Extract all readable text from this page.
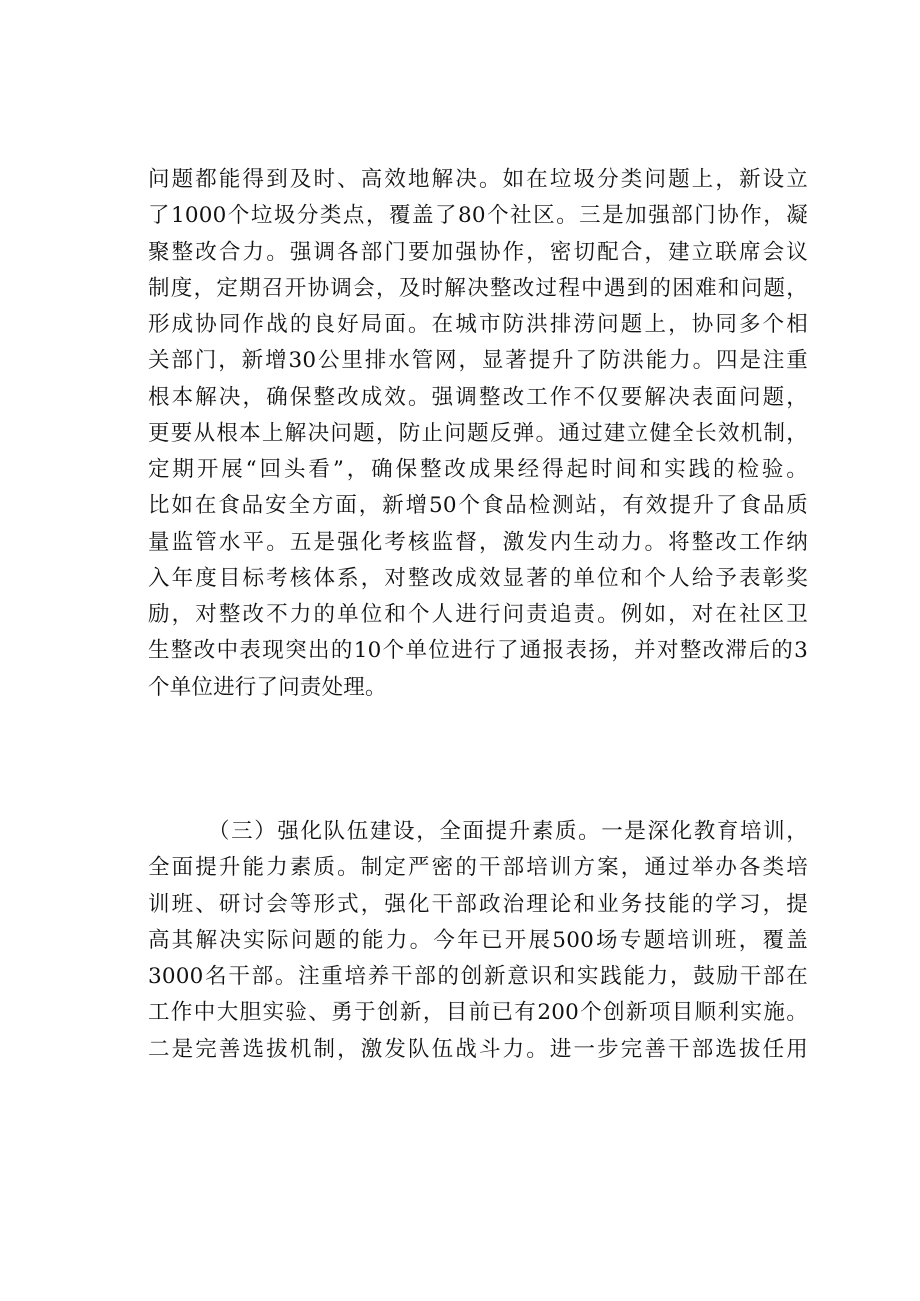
问题都能得到及时、高效地解决。如在垃圾分类问题上，新设立
了1000个垃圾分类点，覆盖了80个社区。三是加强部门协作，凝
聚整改合力。强调各部门要加强协作，密切配合，建立联席会议
制度，定期召开协调会，及时解决整改过程中遇到的困难和问题，
形成协同作战的良好局面。在城市防洪排涝问题上，协同多个相
关部门，新增30公里排水管网，显著提升了防洪能力。四是注重
根本解决，确保整改成效。强调整改工作不仅要解决表面问题，
更要从根本上解决问题，防止问题反弹。通过建立健全长效机制，
定期开展“回头看”，确保整改成果经得起时间和实践的检验。
比如在食品安全方面，新增50个食品检测站，有效提升了食品质
量监管水平。五是强化考核监督，激发内生动力。将整改工作纳
入年度目标考核体系，对整改成效显著的单位和个人给予表彰奖
励，对整改不力的单位和个人进行问责追责。例如，对在社区卫
生整改中表现突出的10个单位进行了通报表扬，并对整改滞后的3
个单位进行了问责处理。
（三）强化队伍建设，全面提升素质。一是深化教育培训，
全面提升能力素质。制定严密的干部培训方案，通过举办各类培
训班、研讨会等形式，强化干部政治理论和业务技能的学习，提
高其解决实际问题的能力。今年已开展500场专题培训班，覆盖
3000名干部。注重培养干部的创新意识和实践能力，鼓励干部在
工作中大胆实验、勇于创新，目前已有200个创新项目顺利实施。
二是完善选拔机制，激发队伍战斗力。进一步完善干部选拔任用
